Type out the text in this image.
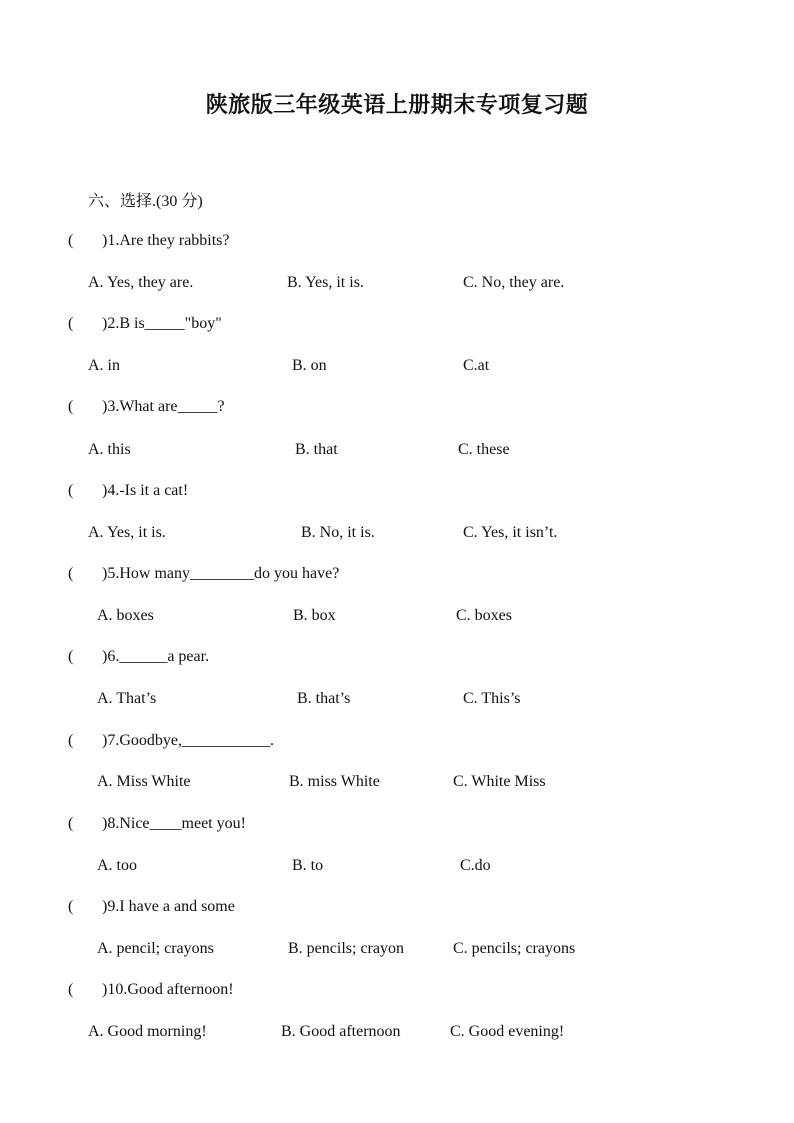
陕旅版三年级英语上册期末专项复习题
六、选择.(30 分)
( )1.Are they rabbits?
A. Yes, they are.	B. Yes, it is.	C. No, they are.
( )2.B is_____"boy"
A. in	B. on	C.at
( )3.What are_____?
A. this	B. that	C. these
( )4.-Is it a cat!
A. Yes, it is.	B. No, it is.	C. Yes, it isn’t.
( )5.How many________do you have?
A. boxes	B. box	C. boxes
( )6.______a pear.
A. That’s	B. that’s	C. This’s
( )7.Goodbye,___________.
A. Miss White	B. miss White	C. White Miss
( )8.Nice____meet you!
A. too	B. to	C.do
( )9.I have a and some
A. pencil; crayons	B. pencils; crayon	C. pencils; crayons
( )10.Good afternoon!
A. Good morning!	B. Good afternoon	C. Good evening!
